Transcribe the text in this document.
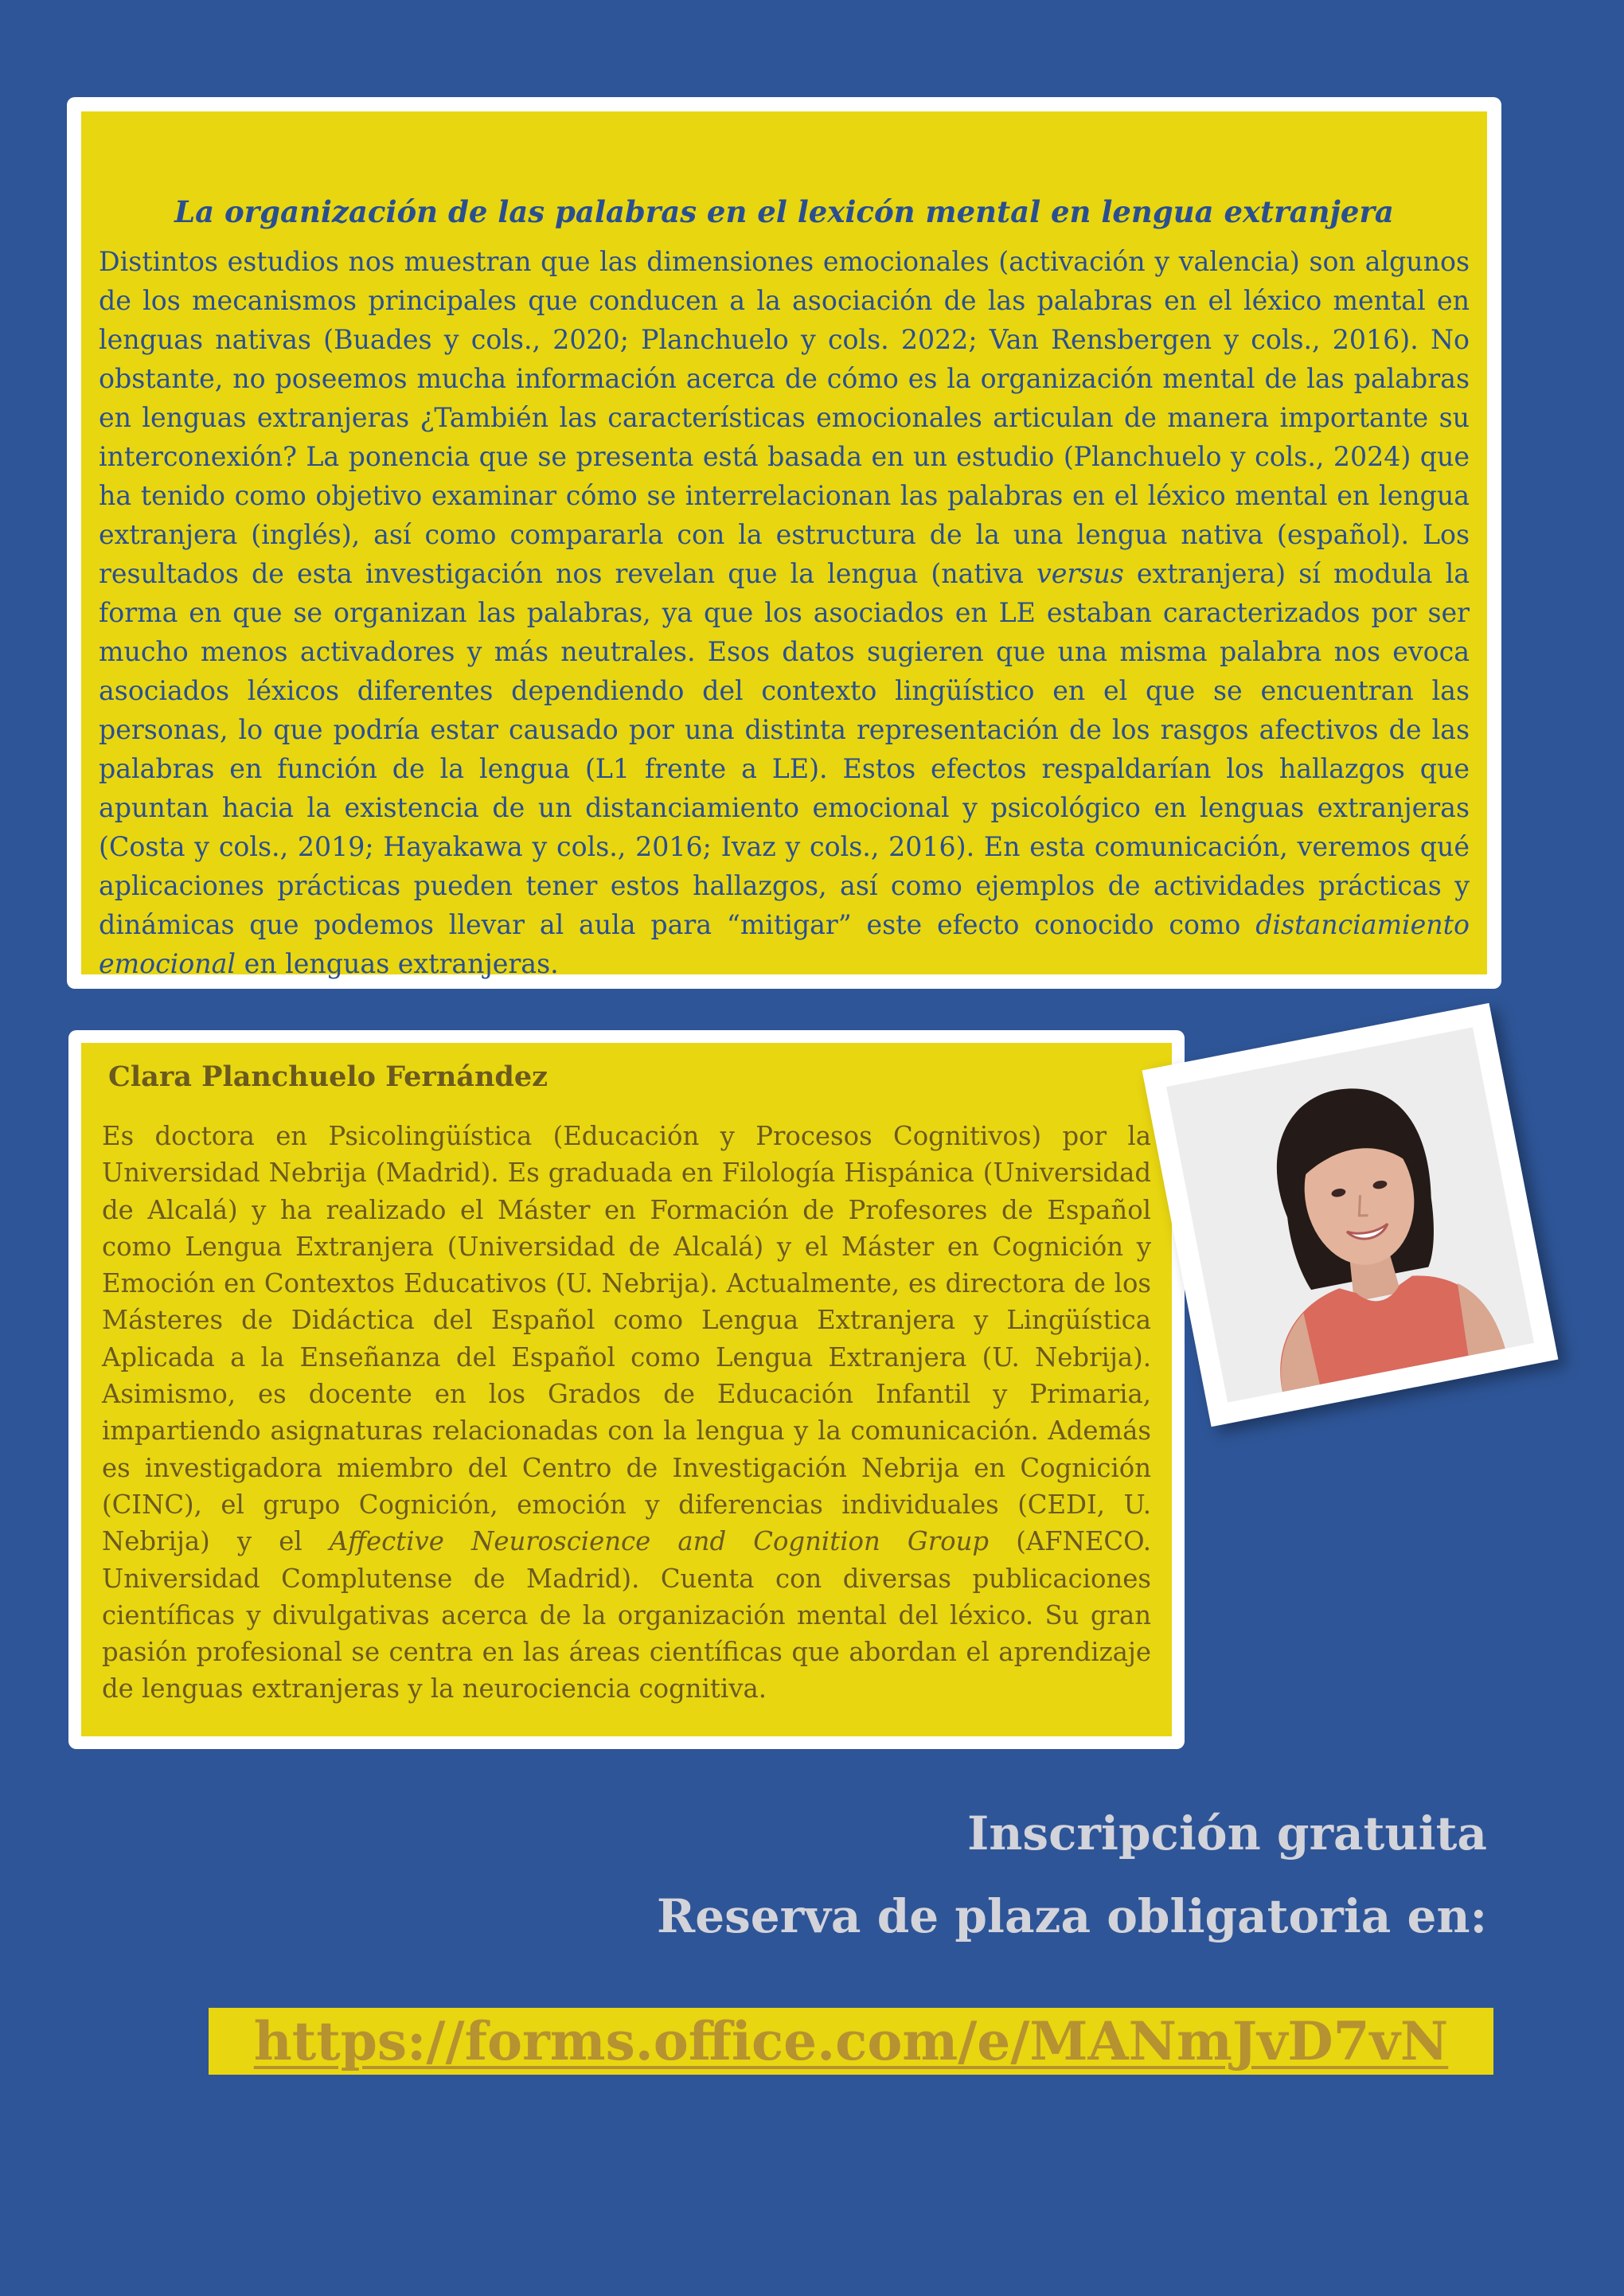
La organización de las palabras en el lexicón mental en lengua extranjera

Distintos estudios nos muestran que las dimensiones emocionales (activación y valencia) son algunos de los mecanismos principales que conducen a la asociación de las palabras en el léxico mental en lenguas nativas (Buades y cols., 2020; Planchuelo y cols. 2022; Van Rensbergen y cols., 2016). No obstante, no poseemos mucha información acerca de cómo es la organización mental de las palabras en lenguas extranjeras ¿También las características emocionales articulan de manera importante su interconexión? La ponencia que se presenta está basada en un estudio (Planchuelo y cols., 2024) que ha tenido como objetivo examinar cómo se interrelacionan las palabras en el léxico mental en lengua extranjera (inglés), así como compararla con la estructura de la una lengua nativa (español). Los resultados de esta investigación nos revelan que la lengua (nativa versus extranjera) sí modula la forma en que se organizan las palabras, ya que los asociados en LE estaban caracterizados por ser mucho menos activadores y más neutrales. Esos datos sugieren que una misma palabra nos evoca asociados léxicos diferentes dependiendo del contexto lingüístico en el que se encuentran las personas, lo que podría estar causado por una distinta representación de los rasgos afectivos de las palabras en función de la lengua (L1 frente a LE). Estos efectos respaldarían los hallazgos que apuntan hacia la existencia de un distanciamiento emocional y psicológico en lenguas extranjeras (Costa y cols., 2019; Hayakawa y cols., 2016; Ivaz y cols., 2016). En esta comunicación, veremos qué aplicaciones prácticas pueden tener estos hallazgos, así como ejemplos de actividades prácticas y dinámicas que podemos llevar al aula para “mitigar” este efecto conocido como distanciamiento emocional en lenguas extranjeras.

Clara Planchuelo Fernández

Es doctora en Psicolingüística (Educación y Procesos Cognitivos) por la Universidad Nebrija (Madrid). Es graduada en Filología Hispánica (Universidad de Alcalá) y ha realizado el Máster en Formación de Profesores de Español como Lengua Extranjera (Universidad de Alcalá) y el Máster en Cognición y Emoción en Contextos Educativos (U. Nebrija). Actualmente, es directora de los Másteres de Didáctica del Español como Lengua Extranjera y Lingüística Aplicada a la Enseñanza del Español como Lengua Extranjera (U. Nebrija). Asimismo, es docente en los Grados de Educación Infantil y Primaria, impartiendo asignaturas relacionadas con la lengua y la comunicación. Además es investigadora miembro del Centro de Investigación Nebrija en Cognición (CINC), el grupo Cognición, emoción y diferencias individuales (CEDI, U. Nebrija) y el Affective Neuroscience and Cognition Group (AFNECO. Universidad Complutense de Madrid). Cuenta con diversas publicaciones científicas y divulgativas acerca de la organización mental del léxico. Su gran pasión profesional se centra en las áreas científicas que abordan el aprendizaje de lenguas extranjeras y la neurociencia cognitiva.

Inscripción gratuita
Reserva de plaza obligatoria en:
https://forms.office.com/e/MANmJvD7vN
